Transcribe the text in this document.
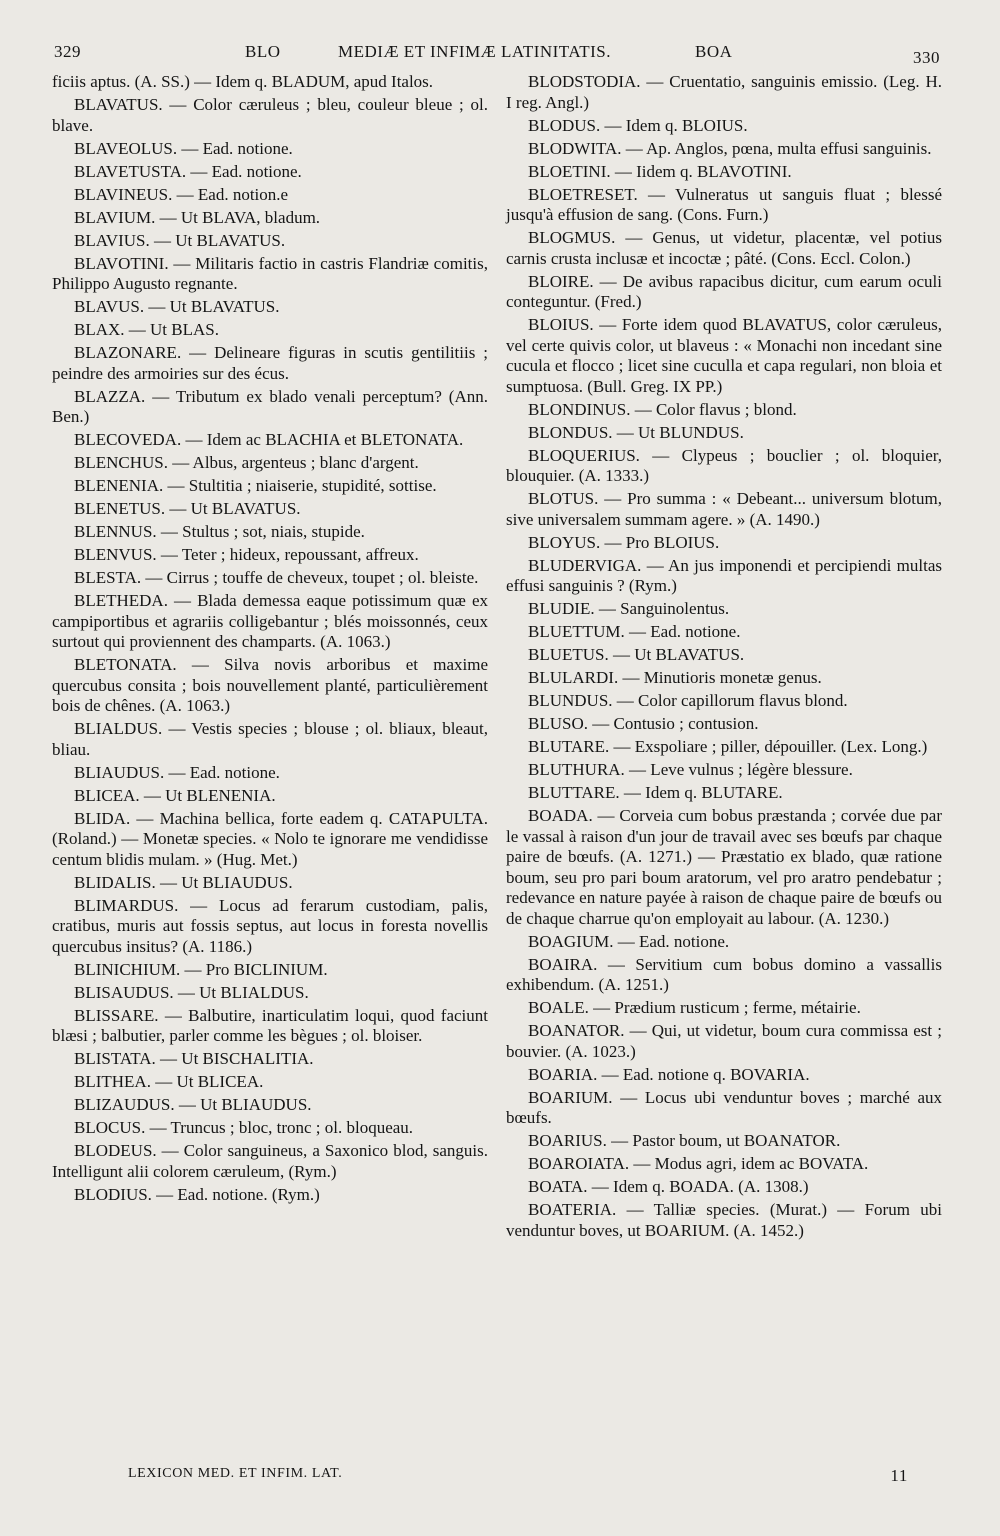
329	BLO	MEDIÆ ET INFIMÆ LATINITATIS.	BOA	330

ficiis aptus. (A. SS.) — Idem q. BLADUM, apud Italos.

BLAVATUS. — Color cæruleus ; bleu, couleur bleue ; ol. blave.

BLAVEOLUS. — Ead. notione.

BLAVETUSTA. — Ead. notione.

BLAVINEUS. — Ead. notion.e

BLAVIUM. — Ut BLAVA, bladum.

BLAVIUS. — Ut BLAVATUS.

BLAVOTINI. — Militaris factio in castris Flandriæ comitis, Philippo Augusto regnante.

BLAVUS. — Ut BLAVATUS.

BLAX. — Ut BLAS.

BLAZONARE. — Delineare figuras in scutis gentilitiis ; peindre des armoiries sur des écus.

BLAZZA. — Tributum ex blado venali perceptum? (Ann. Ben.)

BLECOVEDA. — Idem ac BLACHIA et BLETONATA.

BLENCHUS. — Albus, argenteus ; blanc d'argent.

BLENENIA. — Stultitia ; niaiserie, stupidité, sottise.

BLENETUS. — Ut BLAVATUS.

BLENNUS. — Stultus ; sot, niais, stupide.

BLENVUS. — Teter ; hideux, repoussant, affreux.

BLESTA. — Cirrus ; touffe de cheveux, toupet ; ol. bleiste.

BLETHEDA. — Blada demessa eaque potissimum quæ ex campiportibus et agrariis colligebantur ; blés moissonnés, ceux surtout qui proviennent des champarts. (A. 1063.)

BLETONATA. — Silva novis arboribus et maxime quercubus consita ; bois nouvellement planté, particulièrement bois de chênes. (A. 1063.)

BLIALDUS. — Vestis species ; blouse ; ol. bliaux, bleaut, bliau.

BLIAUDUS. — Ead. notione.

BLICEA. — Ut BLENENIA.

BLIDA. — Machina bellica, forte eadem q. CATAPULTA. (Roland.) — Monetæ species. « Nolo te ignorare me vendidisse centum blidis mulam. » (Hug. Met.)

BLIDALIS. — Ut BLIAUDUS.

BLIMARDUS. — Locus ad ferarum custodiam, palis, cratibus, muris aut fossis septus, aut locus in foresta novellis quercubus insitus? (A. 1186.)

BLINICHIUM. — Pro BICLINIUM.

BLISAUDUS. — Ut BLIALDUS.

BLISSARE. — Balbutire, inarticulatim loqui, quod faciunt blæsi ; balbutier, parler comme les bègues ; ol. bloiser.

BLISTATA. — Ut BISCHALITIA.

BLITHEA. — Ut BLICEA.

BLIZAUDUS. — Ut BLIAUDUS.

BLOCUS. — Truncus ; bloc, tronc ; ol. bloqueau.

BLODEUS. — Color sanguineus, a Saxonico blod, sanguis. Intelligunt alii colorem cæruleum, (Rym.)

BLODIUS. — Ead. notione. (Rym.)

BLODSTODIA. — Cruentatio, sanguinis emissio. (Leg. H. I reg. Angl.)

BLODUS. — Idem q. BLOIUS.

BLODWITA. — Ap. Anglos, pœna, multa effusi sanguinis.

BLOETINI. — Iidem q. BLAVOTINI.

BLOETRESET. — Vulneratus ut sanguis fluat ; blessé jusqu'à effusion de sang. (Cons. Furn.)

BLOGMUS. — Genus, ut videtur, placentæ, vel potius carnis crusta inclusæ et incoctæ ; pâté. (Cons. Eccl. Colon.)

BLOIRE. — De avibus rapacibus dicitur, cum earum oculi conteguntur. (Fred.)

BLOIUS. — Forte idem quod BLAVATUS, color cæruleus, vel certe quivis color, ut blaveus : « Monachi non incedant sine cucula et flocco ; licet sine cuculla et capa regulari, non bloia et sumptuosa. (Bull. Greg. IX PP.)

BLONDINUS. — Color flavus ; blond.

BLONDUS. — Ut BLUNDUS.

BLOQUERIUS. — Clypeus ; bouclier ; ol. bloquier, blouquier. (A. 1333.)

BLOTUS. — Pro summa : « Debeant... universum blotum, sive universalem summam agere. » (A. 1490.)

BLOYUS. — Pro BLOIUS.

BLUDERVIGA. — An jus imponendi et percipiendi multas effusi sanguinis ? (Rym.)

BLUDIE. — Sanguinolentus.

BLUETTUM. — Ead. notione.

BLUETUS. — Ut BLAVATUS.

BLULARDI. — Minutioris monetæ genus.

BLUNDUS. — Color capillorum flavus blond.

BLUSO. — Contusio ; contusion.

BLUTARE. — Exspoliare ; piller, dépouiller. (Lex. Long.)

BLUTHURA. — Leve vulnus ; légère blessure.

BLUTTARE. — Idem q. BLUTARE.

BOADA. — Corveia cum bobus præstanda ; corvée due par le vassal à raison d'un jour de travail avec ses bœufs par chaque paire de bœufs. (A. 1271.) — Præstatio ex blado, quæ ratione boum, seu pro pari boum aratorum, vel pro aratro pendebatur ; redevance en nature payée à raison de chaque paire de bœufs ou de chaque charrue qu'on employait au labour. (A. 1230.)

BOAGIUM. — Ead. notione.

BOAIRA. — Servitium cum bobus domino a vassallis exhibendum. (A. 1251.)

BOALE. — Prædium rusticum ; ferme, métairie.

BOANATOR. — Qui, ut videtur, boum cura commissa est ; bouvier. (A. 1023.)

BOARIA. — Ead. notione q. BOVARIA.

BOARIUM. — Locus ubi venduntur boves ; marché aux bœufs.

BOARIUS. — Pastor boum, ut BOANATOR.

BOAROIATA. — Modus agri, idem ac BOVATA.

BOATA. — Idem q. BOADA. (A. 1308.)

BOATERIA. — Talliæ species. (Murat.) — Forum ubi venduntur boves, ut BOARIUM. (A. 1452.)

LEXICON MED. ET INFIM. LAT.	11
